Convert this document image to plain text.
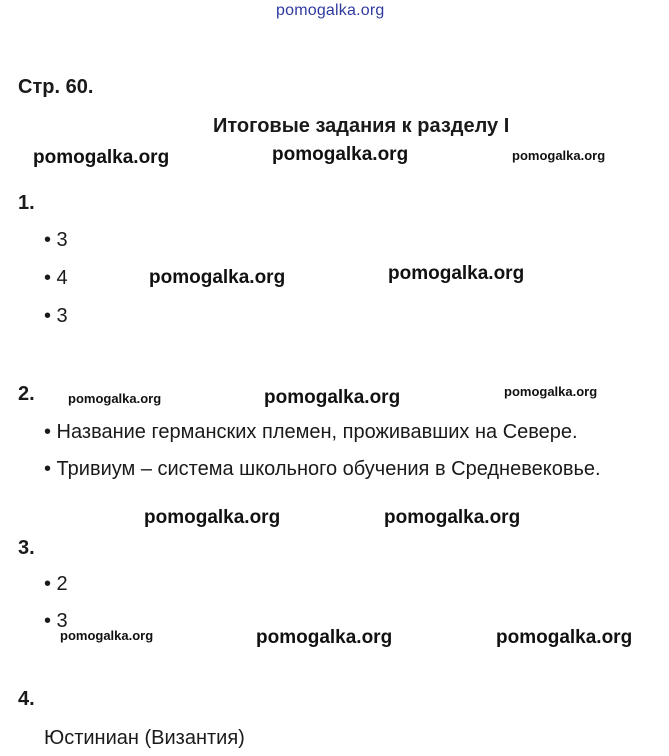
pomogalka.org
Стр. 60.
Итоговые задания к разделу I
pomogalka.org	pomogalka.org	pomogalka.org
1.
• 3
• 4
• 3
pomogalka.org	pomogalka.org
2.	pomogalka.org	pomogalka.org	pomogalka.org
• Название германских племен, проживавших на Севере.
• Тривиум – система школьного обучения в Средневековье.
pomogalka.org	pomogalka.org
3.
• 2
• 3
pomogalka.org	pomogalka.org	pomogalka.org
4.
Юстиниан (Византия)
